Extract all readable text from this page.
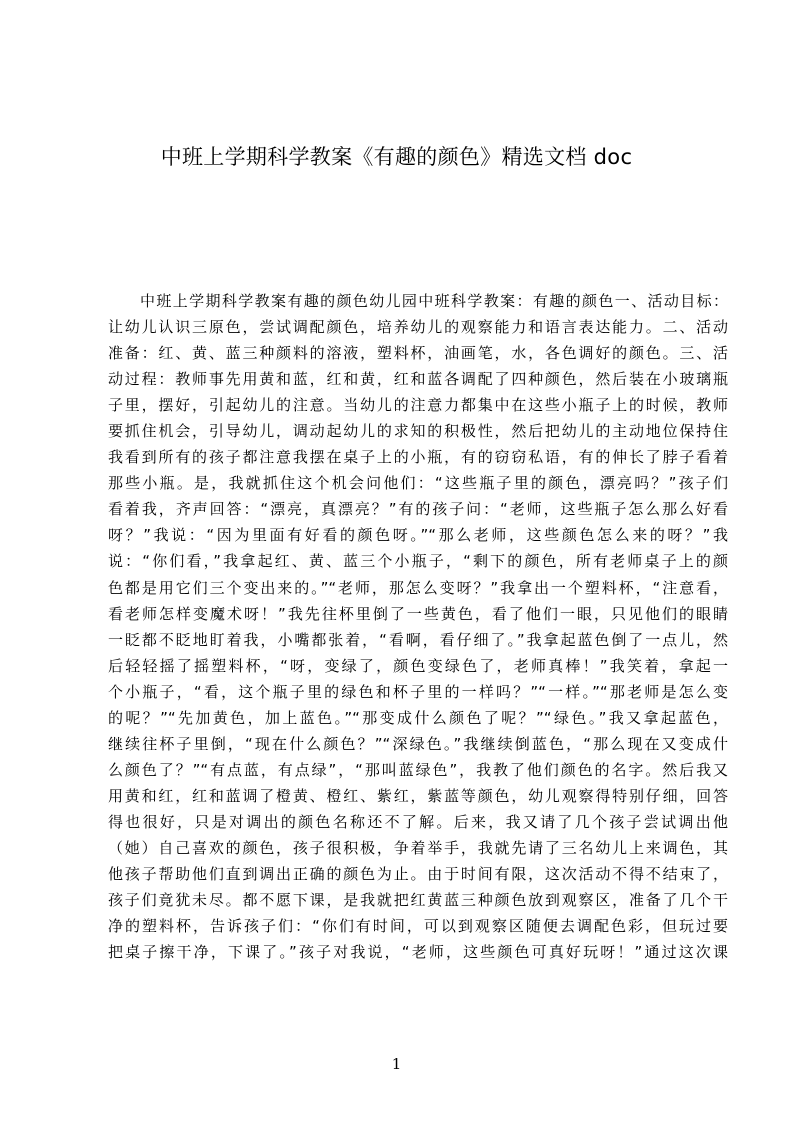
中班上学期科学教案《有趣的颜色》精选文档 doc
中班上学期科学教案有趣的颜色幼儿园中班科学教案：有趣的颜色一、活动目标：
让幼儿认识三原色，尝试调配颜色，培养幼儿的观察能力和语言表达能力。二、活动
准备：红、黄、蓝三种颜料的溶液，塑料杯，油画笔，水，各色调好的颜色。三、活
动过程：教师事先用黄和蓝，红和黄，红和蓝各调配了四种颜色，然后装在小玻璃瓶
子里，摆好，引起幼儿的注意。当幼儿的注意力都集中在这些小瓶子上的时候，教师
要抓住机会，引导幼儿，调动起幼儿的求知的积极性，然后把幼儿的主动地位保持住
我看到所有的孩子都注意我摆在桌子上的小瓶，有的窃窃私语，有的伸长了脖子看着
那些小瓶。是，我就抓住这个机会问他们：“这些瓶子里的颜色，漂亮吗？”孩子们
看着我，齐声回答：“漂亮，真漂亮？”有的孩子问：“老师，这些瓶子怎么那么好看
呀？”我说：“因为里面有好看的颜色呀。”“那么老师，这些颜色怎么来的呀？”我
说：“你们看，”我拿起红、黄、蓝三个小瓶子，“剩下的颜色，所有老师桌子上的颜
色都是用它们三个变出来的。”“老师，那怎么变呀？”我拿出一个塑料杯，“注意看，
看老师怎样变魔术呀！”我先往杯里倒了一些黄色，看了他们一眼，只见他们的眼睛
一眨都不眨地盯着我，小嘴都张着，“看啊，看仔细了。”我拿起蓝色倒了一点儿，然
后轻轻摇了摇塑料杯，“呀，变绿了，颜色变绿色了，老师真棒！”我笑着，拿起一
个小瓶子，“看，这个瓶子里的绿色和杯子里的一样吗？”“一样。”“那老师是怎么变
的呢？”“先加黄色，加上蓝色。”“那变成什么颜色了呢？”“绿色。”我又拿起蓝色，
继续往杯子里倒，“现在什么颜色？”“深绿色。”我继续倒蓝色，“那么现在又变成什
么颜色了？”“有点蓝，有点绿”，“那叫蓝绿色”，我教了他们颜色的名字。然后我又
用黄和红，红和蓝调了橙黄、橙红、紫红，紫蓝等颜色，幼儿观察得特别仔细，回答
得也很好，只是对调出的颜色名称还不了解。后来，我又请了几个孩子尝试调出他
（她）自己喜欢的颜色，孩子很积极，争着举手，我就先请了三名幼儿上来调色，其
他孩子帮助他们直到调出正确的颜色为止。由于时间有限，这次活动不得不结束了，
孩子们竟犹未尽。都不愿下课，是我就把红黄蓝三种颜色放到观察区，准备了几个干
净的塑料杯，告诉孩子们：“你们有时间，可以到观察区随便去调配色彩，但玩过要
把桌子擦干净，下课了。”孩子对我说，“老师，这些颜色可真好玩呀！”通过这次课
1
